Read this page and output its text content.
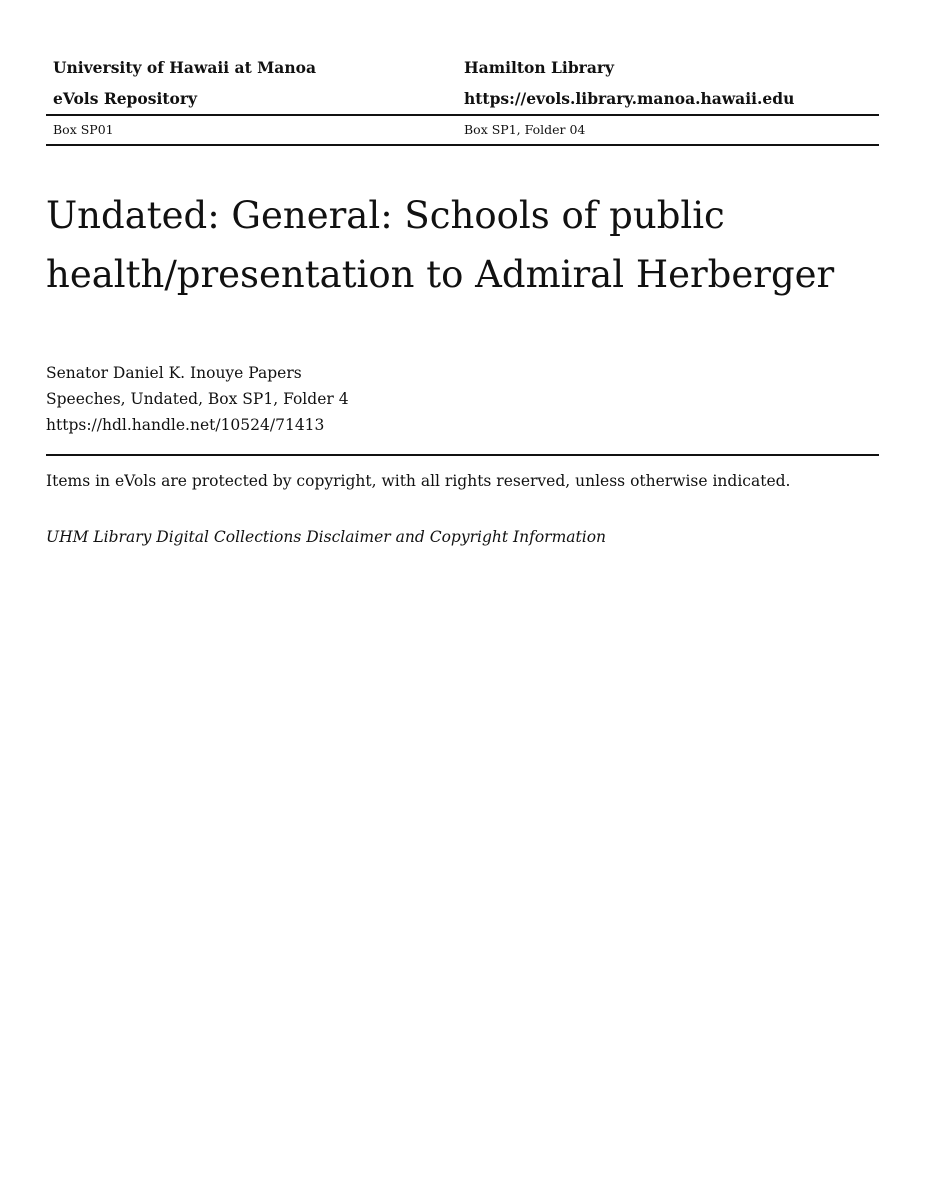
University of Hawaii at Manoa	Hamilton Library
eVols Repository	https://evols.library.manoa.hawaii.edu
Box SP01	Box SP1, Folder 04
Undated: General: Schools of public health/presentation to Admiral Herberger
Senator Daniel K. Inouye Papers
Speeches, Undated, Box SP1, Folder 4
https://hdl.handle.net/10524/71413
Items in eVols are protected by copyright, with all rights reserved, unless otherwise indicated.
UHM Library Digital Collections Disclaimer and Copyright Information
